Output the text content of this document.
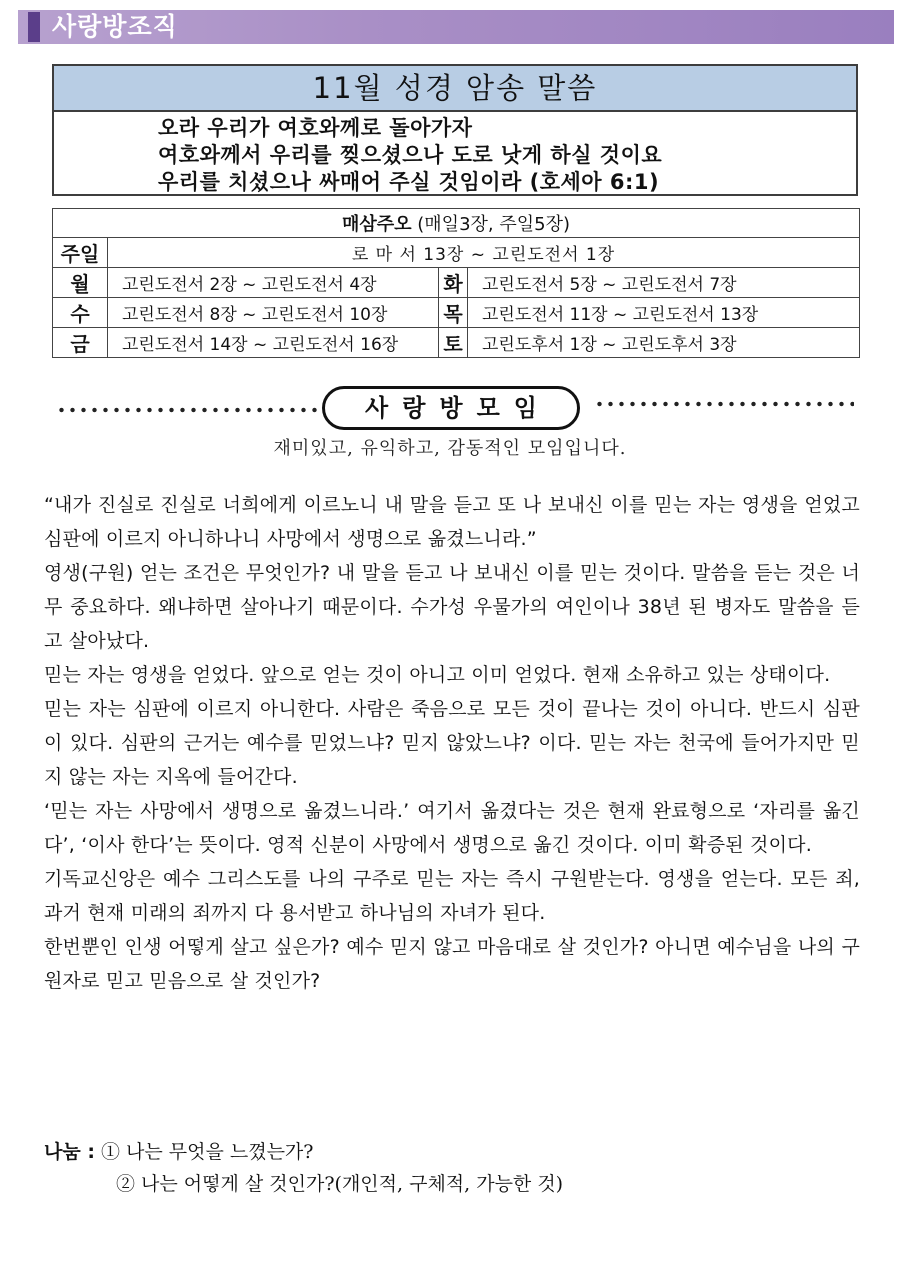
사랑방조직
11월 성경 암송 말씀
오라 우리가 여호와께로 돌아가자
여호와께서 우리를 찢으셨으나 도로 낫게 하실 것이요
우리를 치셨으나 싸매어 주실 것임이라 (호세아 6:1)
매삼주오 (매일3장, 주일5장)			
주일	로 마 서 13장 ~ 고린도전서 1장		
월	고린도전서 2장 ~ 고린도전서 4장	화	고린도전서 5장 ~ 고린도전서 7장
수	고린도전서 8장 ~ 고린도전서 10장	목	고린도전서 11장 ~ 고린도전서 13장
금	고린도전서 14장 ~ 고린도전서 16장	토	고린도후서 1장 ~ 고린도후서 3장
사랑방모임
재미있고, 유익하고, 감동적인 모임입니다.

“내가 진실로 진실로 너희에게 이르노니 내 말을 듣고 또 나 보내신 이를 믿는 자는 영생을 얻었고 심판에 이르지 아니하나니 사망에서 생명으로 옮겼느니라.”

영생(구원) 얻는 조건은 무엇인가? 내 말을 듣고 나 보내신 이를 믿는 것이다. 말씀을 듣는 것은 너무 중요하다. 왜냐하면 살아나기 때문이다. 수가성 우물가의 여인이나 38년 된 병자도 말씀을 듣고 살아났다.

믿는 자는 영생을 얻었다. 앞으로 얻는 것이 아니고 이미 얻었다. 현재 소유하고 있는 상태이다.

믿는 자는 심판에 이르지 아니한다. 사람은 죽음으로 모든 것이 끝나는 것이 아니다. 반드시 심판이 있다. 심판의 근거는 예수를 믿었느냐? 믿지 않았느냐? 이다. 믿는 자는 천국에 들어가지만 믿지 않는 자는 지옥에 들어간다.

‘믿는 자는 사망에서 생명으로 옮겼느니라.’ 여기서 옮겼다는 것은 현재 완료형으로 ‘자리를 옮긴다’, ‘이사 한다’는 뜻이다. 영적 신분이 사망에서 생명으로 옮긴 것이다. 이미 확증된 것이다.

기독교신앙은 예수 그리스도를 나의 구주로 믿는 자는 즉시 구원받는다. 영생을 얻는다. 모든 죄, 과거 현재 미래의 죄까지 다 용서받고 하나님의 자녀가 된다.

한번뿐인 인생 어떻게 살고 싶은가? 예수 믿지 않고 마음대로 살 것인가? 아니면 예수님을 나의 구원자로 믿고 믿음으로 살 것인가?

나눔 : ① 나는 무엇을 느꼈는가?
② 나는 어떻게 살 것인가?(개인적, 구체적, 가능한 것)
